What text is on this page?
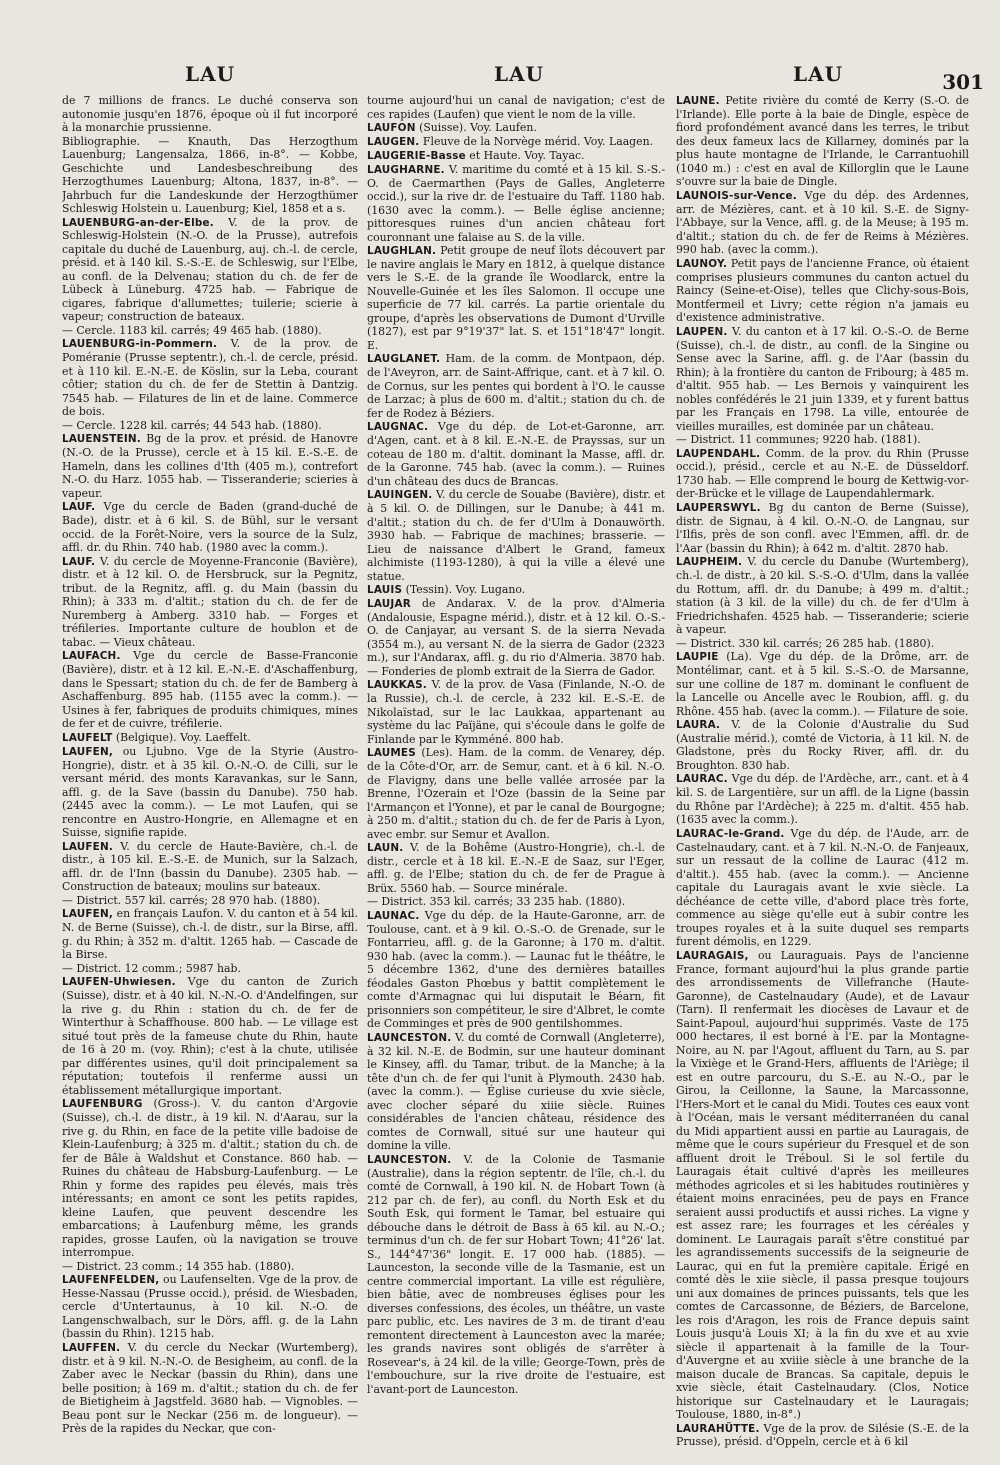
LAU	LAU	LAU	301

de 7 millions de francs. Le duché conserva son autonomie jusqu'en 1876, époque où il fut incorporé à la monarchie prussienne.

Bibliographie. — Knauth, Das Herzogthum Lauenburg; Langensalza, 1866, in-8°. — Kobbe, Geschichte und Landesbeschreibung des Herzogthumes Lauenburg; Altona, 1837, in-8°. — Jahrbuch fur die Landeskunde der Herzogthümer Schleswig Holstein u. Lauenburg; Kiel, 1858 et a s.

LAUENBURG-an-der-Elbe. V. de la prov. de Schleswig-Holstein (N.-O. de la Prusse), autrefois capitale du duché de Lauenburg, auj. ch.-l. de cercle, présid. et à 140 kil. S.-S.-E. de Schleswig, sur l'Elbe, au confl. de la Delvenau; station du ch. de fer de Lübeck à Lüneburg. 4725 hab. — Fabrique de cigares, fabrique d'allumettes; tuilerie; scierie à vapeur; construction de bateaux.

— Cercle. 1183 kil. carrés; 49 465 hab. (1880).

LAUENBURG-in-Pommern. V. de la prov. de Poméranie (Prusse septentr.), ch.-l. de cercle, présid. et à 110 kil. E.-N.-E. de Köslin, sur la Leba, courant côtier; station du ch. de fer de Stettin à Dantzig. 7545 hab. — Filatures de lin et de laine. Commerce de bois.

— Cercle. 1228 kil. carrés; 44 543 hab. (1880).

LAUENSTEIN. Bg de la prov. et présid. de Hanovre (N.-O. de la Prusse), cercle et à 15 kil. E.-S.-E. de Hameln, dans les collines d'Ith (405 m.), contrefort N.-O. du Harz. 1055 hab. — Tisseranderie; scieries à vapeur.

LAUF. Vge du cercle de Baden (grand-duché de Bade), distr. et à 6 kil. S. de Bühl, sur le versant occid. de la Forêt-Noire, vers la source de la Sulz, affl. dr. du Rhin. 740 hab. (1980 avec la comm.).

LAUF. V. du cercle de Moyenne-Franconie (Bavière), distr. et à 12 kil. O. de Hersbruck, sur la Pegnitz, tribut. de la Regnitz, affl. g. du Main (bassin du Rhin); à 333 m. d'altit.; station du ch. de fer de Nuremberg à Amberg. 3310 hab. — Forges et tréfileries. Importante culture de houblon et de tabac. — Vieux château.

LAUFACH. Vge du cercle de Basse-Franconie (Bavière), distr. et à 12 kil. E.-N.-E. d'Aschaffenburg, dans le Spessart; station du ch. de fer de Bamberg à Aschaffenburg. 895 hab. (1155 avec la comm.). — Usines à fer, fabriques de produits chimiques, mines de fer et de cuivre, tréfilerie.

LAUFELT (Belgique). Voy. Laeffelt.

LAUFEN, ou Ljubno. Vge de la Styrie (Austro-Hongrie), distr. et à 35 kil. O.-N.-O. de Cilli, sur le versant mérid. des monts Karavankas, sur le Sann, affl. g. de la Save (bassin du Danube). 750 hab. (2445 avec la comm.). — Le mot Laufen, qui se rencontre en Austro-Hongrie, en Allemagne et en Suisse, signifie rapide.

LAUFEN. V. du cercle de Haute-Bavière, ch.-l. de distr., à 105 kil. E.-S.-E. de Munich, sur la Salzach, affl. dr. de l'Inn (bassin du Danube). 2305 hab. — Construction de bateaux; moulins sur bateaux.

— District. 557 kil. carrés; 28 970 hab. (1880).

LAUFEN, en français Laufon. V. du canton et à 54 kil. N. de Berne (Suisse), ch.-l. de distr., sur la Birse, affl. g. du Rhin; à 352 m. d'altit. 1265 hab. — Cascade de la Birse.

— District. 12 comm.; 5987 hab.

LAUFEN-Uhwiesen. Vge du canton de Zurich (Suisse), distr. et à 40 kil. N.-N.-O. d'Andelfingen, sur la rive g. du Rhin : station du ch. de fer de Winterthur à Schaffhouse. 800 hab. — Le village est situé tout près de la fameuse chute du Rhin, haute de 16 à 20 m. (voy. Rhin); c'est à la chute, utilisée par différentes usines, qu'il doit principalement sa réputation; toutefois il renferme aussi un établissement métallurgique important.

LAUFENBURG (Gross-). V. du canton d'Argovie (Suisse), ch.-l. de distr., à 19 kil. N. d'Aarau, sur la rive g. du Rhin, en face de la petite ville badoise de Klein-Laufenburg; à 325 m. d'altit.; station du ch. de fer de Bâle à Waldshut et Constance. 860 hab. — Ruines du château de Habsburg-Laufenburg. — Le Rhin y forme des rapides peu élevés, mais très intéressants; en amont ce sont les petits rapides, kleine Laufen, que peuvent descendre les embarcations; à Laufenburg même, les grands rapides, grosse Laufen, où la navigation se trouve interrompue.

— District. 23 comm.; 14 355 hab. (1880).

LAUFENFELDEN, ou Laufenselten. Vge de la prov. de Hesse-Nassau (Prusse occid.), présid. de Wiesbaden, cercle d'Untertaunus, à 10 kil. N.-O. de Langenschwalbach, sur le Dörs, affl. g. de la Lahn (bassin du Rhin). 1215 hab.

LAUFFEN. V. du cercle du Neckar (Wurtemberg), distr. et à 9 kil. N.-N.-O. de Besigheim, au confl. de la Zaber avec le Neckar (bassin du Rhin), dans une belle position; à 169 m. d'altit.; station du ch. de fer de Bietigheim à Jagstfeld. 3680 hab. — Vignobles. — Beau pont sur le Neckar (256 m. de longueur). — Près de la rapides du Neckar, que con-

tourne aujourd'hui un canal de navigation; c'est de ces rapides (Laufen) que vient le nom de la ville.

LAUFON (Suisse). Voy. Laufen.

LAUGEN. Fleuve de la Norvège mérid. Voy. Laagen.

LAUGERIE-Basse et Haute. Voy. Tayac.

LAUGHARNE. V. maritime du comté et à 15 kil. S.-S.-O. de Caermarthen (Pays de Galles, Angleterre occid.), sur la rive dr. de l'estuaire du Taff. 1180 hab. (1630 avec la comm.). — Belle église ancienne; pittoresques ruines d'un ancien château fort couronnant une falaise au S. de la ville.

LAUGHLAN. Petit groupe de neuf îlots découvert par le navire anglais le Mary en 1812, à quelque distance vers le S.-E. de la grande île Woodlarck, entre la Nouvelle-Guinée et les îles Salomon. Il occupe une superficie de 77 kil. carrés. La partie orientale du groupe, d'après les observations de Dumont d'Urville (1827), est par 9°19'37" lat. S. et 151°18'47" longit. E.

LAUGLANET. Ham. de la comm. de Montpaon, dép. de l'Aveyron, arr. de Saint-Affrique, cant. et à 7 kil. O. de Cornus, sur les pentes qui bordent à l'O. le causse de Larzac; à plus de 600 m. d'altit.; station du ch. de fer de Rodez à Béziers.

LAUGNAC. Vge du dép. de Lot-et-Garonne, arr. d'Agen, cant. et à 8 kil. E.-N.-E. de Prayssas, sur un coteau de 180 m. d'altit. dominant la Masse, affl. dr. de la Garonne. 745 hab. (avec la comm.). — Ruines d'un château des ducs de Brancas.

LAUINGEN. V. du cercle de Souabe (Bavière), distr. et à 5 kil. O. de Dillingen, sur le Danube; à 441 m. d'altit.; station du ch. de fer d'Ulm à Donauwörth. 3930 hab. — Fabrique de machines; brasserie. — Lieu de naissance d'Albert le Grand, fameux alchimiste (1193-1280), à qui la ville a élevé une statue.

LAUIS (Tessin). Voy. Lugano.

LAUJAR de Andarax. V. de la prov. d'Almeria (Andalousie, Espagne mérid.), distr. et à 12 kil. O.-S.-O. de Canjayar, au versant S. de la sierra Nevada (3554 m.), au versant N. de la sierra de Gador (2323 m.), sur l'Andarax, affl. g. du rio d'Almeria. 3870 hab. — Fonderies de plomb extrait de la Sierra de Gador.

LAUKKAS. V. de la prov. de Vasa (Finlande, N.-O. de la Russie), ch.-l. de cercle, à 232 kil. E.-S.-E. de Nikolaïstad, sur le lac Laukkaa, appartenant au système du lac Païjäne, qui s'écoule dans le golfe de Finlande par le Kymméné. 800 hab.

LAUMES (Les). Ham. de la comm. de Venarey, dép. de la Côte-d'Or, arr. de Semur, cant. et à 6 kil. N.-O. de Flavigny, dans une belle vallée arrosée par la Brenne, l'Ozerain et l'Oze (bassin de la Seine par l'Armançon et l'Yonne), et par le canal de Bourgogne; à 250 m. d'altit.; station du ch. de fer de Paris à Lyon, avec embr. sur Semur et Avallon.

LAUN. V. de la Bohême (Austro-Hongrie), ch.-l. de distr., cercle et à 18 kil. E.-N.-E de Saaz, sur l'Eger, affl. g. de l'Elbe; station du ch. de fer de Prague à Brüx. 5560 hab. — Source minérale.

— District. 353 kil. carrés; 33 235 hab. (1880).

LAUNAC. Vge du dép. de la Haute-Garonne, arr. de Toulouse, cant. et à 9 kil. O.-S.-O. de Grenade, sur le Fontarrieu, affl. g. de la Garonne; à 170 m. d'altit. 930 hab. (avec la comm.). — Launac fut le théâtre, le 5 décembre 1362, d'une des dernières batailles féodales Gaston Phœbus y battit complètement le comte d'Armagnac qui lui disputait le Béarn, fit prisonniers son compétiteur, le sire d'Albret, le comte de Comminges et près de 900 gentilshommes.

LAUNCESTON. V. du comté de Cornwall (Angleterre), à 32 kil. N.-E. de Bodmin, sur une hauteur dominant le Kinsey, affl. du Tamar, tribut. de la Manche; à la tête d'un ch. de fer qui l'unit à Plymouth. 2430 hab. (avec la comm.). — Église curieuse du xvie siècle, avec clocher séparé du xiiie siècle. Ruines considérables de l'ancien château, résidence des comtes de Cornwall, situé sur une hauteur qui domine la ville.

LAUNCESTON. V. de la Colonie de Tasmanie (Australie), dans la région septentr. de l'île, ch.-l. du comté de Cornwall, à 190 kil. N. de Hobart Town (à 212 par ch. de fer), au confl. du North Esk et du South Esk, qui forment le Tamar, bel estuaire qui débouche dans le détroit de Bass à 65 kil. au N.-O.; terminus d'un ch. de fer sur Hobart Town; 41°26' lat. S., 144°47'36" longit. E. 17 000 hab. (1885). — Launceston, la seconde ville de la Tasmanie, est un centre commercial important. La ville est régulière, bien bâtie, avec de nombreuses églises pour les diverses confessions, des écoles, un théâtre, un vaste parc public, etc. Les navires de 3 m. de tirant d'eau remontent directement à Launceston avec la marée; les grands navires sont obligés de s'arrêter à Rosevear's, à 24 kil. de la ville; George-Town, près de l'embouchure, sur la rive droite de l'estuaire, est l'avant-port de Launceston.

LAUNE. Petite rivière du comté de Kerry (S.-O. de l'Irlande). Elle porte à la baie de Dingle, espèce de fiord profondément avancé dans les terres, le tribut des deux fameux lacs de Killarney, dominés par la plus haute montagne de l'Irlande, le Carrantuohill (1040 m.) : c'est en aval de Killorglin que le Laune s'ouvre sur la baie de Dingle.

LAUNOIS-sur-Vence. Vge du dép. des Ardennes, arr. de Mézières, cant. et à 10 kil. S.-E. de Signy-l'Abbaye, sur la Vence, affl. g. de la Meuse; à 195 m. d'altit.; station du ch. de fer de Reims à Mézières. 990 hab. (avec la comm.).

LAUNOY. Petit pays de l'ancienne France, où étaient comprises plusieurs communes du canton actuel du Raincy (Seine-et-Oise), telles que Clichy-sous-Bois, Montfermeil et Livry; cette région n'a jamais eu d'existence administrative.

LAUPEN. V. du canton et à 17 kil. O.-S.-O. de Berne (Suisse), ch.-l. de distr., au confl. de la Singine ou Sense avec la Sarine, affl. g. de l'Aar (bassin du Rhin); à la frontière du canton de Fribourg; à 485 m. d'altit. 955 hab. — Les Bernois y vainquirent les nobles confédérés le 21 juin 1339, et y furent battus par les Français en 1798. La ville, entourée de vieilles murailles, est dominée par un château.

— District. 11 communes; 9220 hab. (1881).

LAUPENDAHL. Comm. de la prov. du Rhin (Prusse occid.), présid., cercle et au N.-E. de Düsseldorf. 1730 hab. — Elle comprend le bourg de Kettwig-vor-der-Brücke et le village de Laupendahlermark.

LAUPERSWYL. Bg du canton de Berne (Suisse), distr. de Signau, à 4 kil. O.-N.-O. de Langnau, sur l'Ilfis, près de son confl. avec l'Emmen, affl. dr. de l'Aar (bassin du Rhin); à 642 m. d'altit. 2870 hab.

LAUPHEIM. V. du cercle du Danube (Wurtemberg), ch.-l. de distr., à 20 kil. S.-S.-O. d'Ulm, dans la vallée du Rottum, affl. dr. du Danube; à 499 m. d'altit.; station (à 3 kil. de la ville) du ch. de fer d'Ulm à Friedrichshafen. 4525 hab. — Tisseranderie; scierie à vapeur.

— District. 330 kil. carrés; 26 285 hab. (1880).

LAUPIE (La). Vge du dép. de la Drôme, arr. de Montélimar, cant. et à 5 kil. S.-S.-O. de Marsanne, sur une colline de 187 m. dominant le confluent de la Lancelle ou Ancelle avec le Roubion, affl. g. du Rhône. 455 hab. (avec la comm.). — Filature de soie.

LAURA. V. de la Colonie d'Australie du Sud (Australie mérid.), comté de Victoria, à 11 kil. N. de Gladstone, près du Rocky River, affl. dr. du Broughton. 830 hab.

LAURAC. Vge du dép. de l'Ardèche, arr., cant. et à 4 kil. S. de Largentière, sur un affl. de la Ligne (bassin du Rhône par l'Ardèche); à 225 m. d'altit. 455 hab. (1635 avec la comm.).

LAURAC-le-Grand. Vge du dép. de l'Aude, arr. de Castelnaudary, cant. et à 7 kil. N.-N.-O. de Fanjeaux, sur un ressaut de la colline de Laurac (412 m. d'altit.). 455 hab. (avec la comm.). — Ancienne capitale du Lauragais avant le xvie siècle. La déchéance de cette ville, d'abord place très forte, commence au siège qu'elle eut à subir contre les troupes royales et à la suite duquel ses remparts furent démolis, en 1229.

LAURAGAIS, ou Lauraguais. Pays de l'ancienne France, formant aujourd'hui la plus grande partie des arrondissements de Villefranche (Haute-Garonne), de Castelnaudary (Aude), et de Lavaur (Tarn). Il renfermait les diocèses de Lavaur et de Saint-Papoul, aujourd'hui supprimés. Vaste de 175 000 hectares, il est borné à l'E. par la Montagne-Noire, au N. par l'Agout, affluent du Tarn, au S. par la Vixiège et le Grand-Hers, affluents de l'Ariège; il est en outre parcouru, du S.-E. au N.-O., par le Girou, la Ceillonne, la Saune, la Marcassonne, l'Hers-Mort et le canal du Midi. Toutes ces eaux vont à l'Océan, mais le versant méditerranéen du canal du Midi appartient aussi en partie au Lauragais, de même que le cours supérieur du Fresquel et de son affluent droit le Tréboul. Si le sol fertile du Lauragais était cultivé d'après les meilleures méthodes agricoles et si les habitudes routinières y étaient moins enracinées, peu de pays en France seraient aussi productifs et aussi riches. La vigne y est assez rare; les fourrages et les céréales y dominent. Le Lauragais paraît s'être constitué par les agrandissements successifs de la seigneurie de Laurac, qui en fut la première capitale. Érigé en comté dès le xiie siècle, il passa presque toujours uni aux domaines de princes puissants, tels que les comtes de Carcassonne, de Béziers, de Barcelone, les rois d'Aragon, les rois de France depuis saint Louis jusqu'à Louis XI; à la fin du xve et au xvie siècle il appartenait à la famille de la Tour-d'Auvergne et au xviiie siècle à une branche de la maison ducale de Brancas. Sa capitale, depuis le xvie siècle, était Castelnaudary. (Clos, Notice historique sur Castelnaudary et le Lauragais; Toulouse, 1880, in-8°.)

LAURAHÜTTE. Vge de la prov. de Silésie (S.-E. de la Prusse), présid. d'Oppeln, cercle et à 6 kil
